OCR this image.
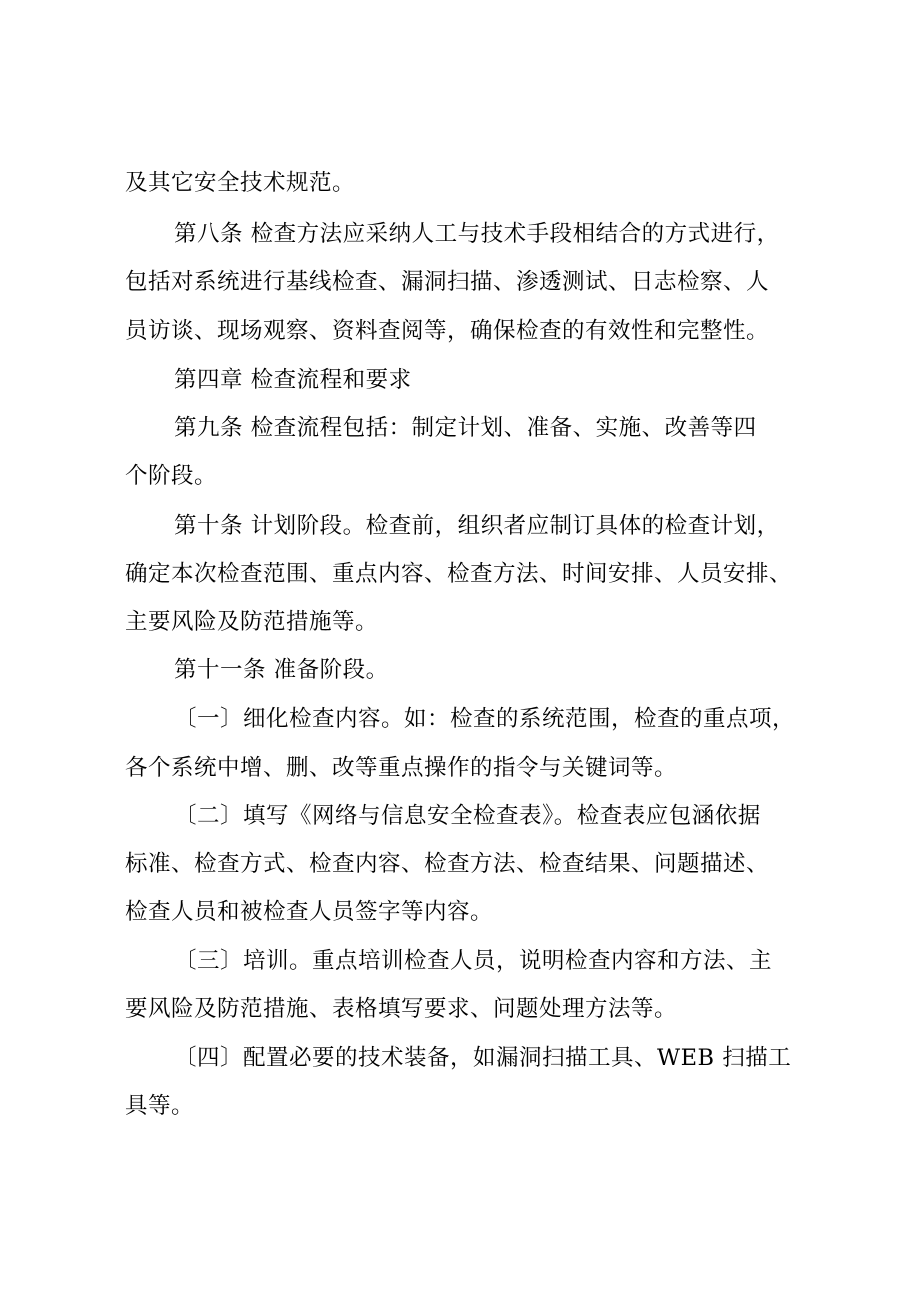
及其它安全技术规范。

第八条 检查方法应采纳人工与技术手段相结合的方式进行，

包括对系统进行基线检查、漏洞扫描、渗透测试、日志检察、人

员访谈、现场观察、资料查阅等，确保检查的有效性和完整性。

第四章 检查流程和要求

第九条 检查流程包括：制定计划、准备、实施、改善等四

个阶段。

第十条 计划阶段。检查前，组织者应制订具体的检查计划，

确定本次检查范围、重点内容、检查方法、时间安排、人员安排、

主要风险及防范措施等。

第十一条 准备阶段。

〔一〕细化检查内容。如：检查的系统范围，检查的重点项，

各个系统中增、删、改等重点操作的指令与关键词等。

〔二〕填写《网络与信息安全检查表》。检查表应包涵依据

标准、检查方式、检查内容、检查方法、检查结果、问题描述、

检查人员和被检查人员签字等内容。

〔三〕培训。重点培训检查人员，说明检查内容和方法、主

要风险及防范措施、表格填写要求、问题处理方法等。

〔四〕配置必要的技术装备，如漏洞扫描工具、WEB 扫描工

具等。
